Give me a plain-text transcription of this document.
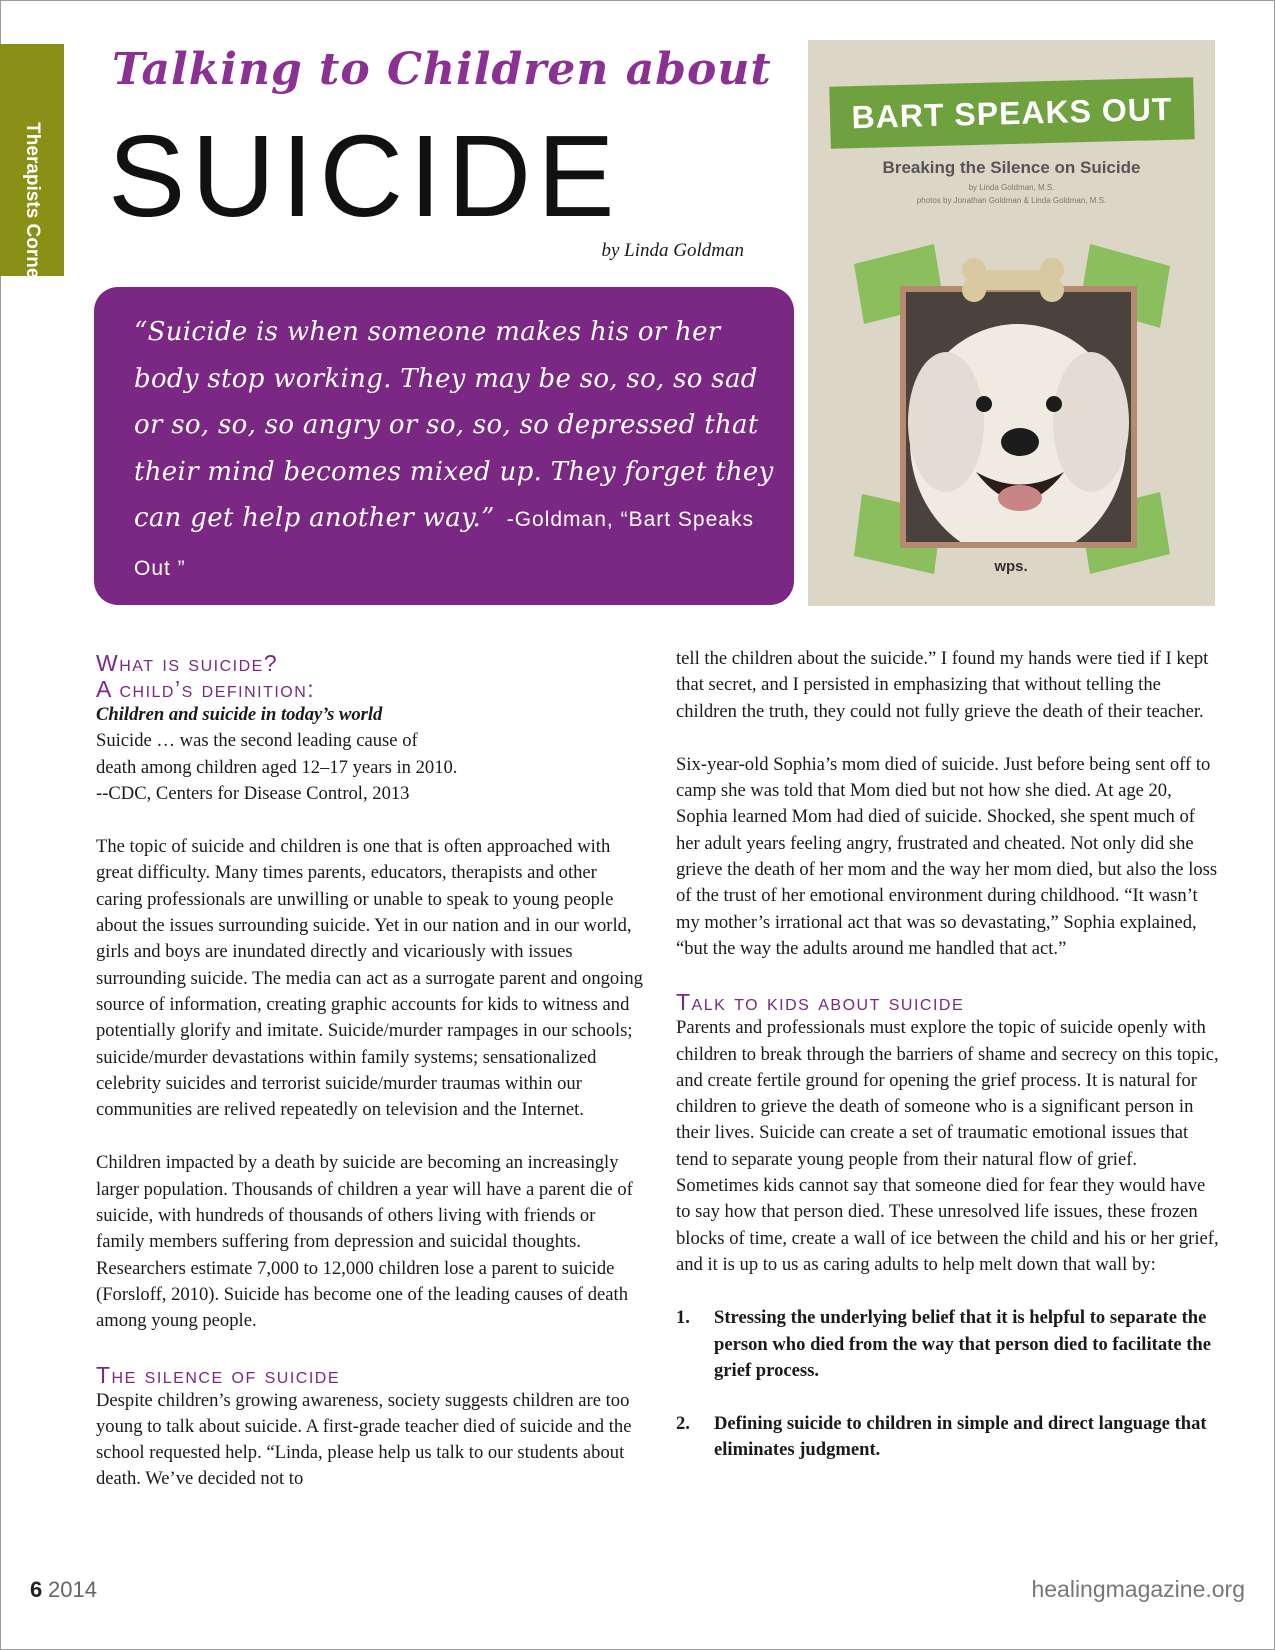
Therapists Corner
Talking to Children about
SUICIDE
by Linda Goldman
“Suicide is when someone makes his or her body stop working. They may be so, so, so sad or so, so, so angry or so, so, so depressed that their mind becomes mixed up. They forget they can get help another way.” -Goldman, “Bart Speaks Out ”
BART SPEAKS OUT
Breaking the Silence on Suicide
by Linda Goldman, M.S.
photos by Jonathan Goldman & Linda Goldman, M.S.
wps.
What is suicide?
A child’s definition:

Children and suicide in today’s world

Suicide … was the second leading cause of

death among children aged 12–17 years in 2010.

--CDC, Centers for Disease Control, 2013

The topic of suicide and children is one that is often approached with great difficulty. Many times parents, educators, therapists and other caring professionals are unwilling or unable to speak to young people about the issues surrounding suicide. Yet in our nation and in our world, girls and boys are inundated directly and vicariously with issues surrounding suicide. The media can act as a surrogate parent and ongoing source of information, creating graphic accounts for kids to witness and potentially glorify and imitate. Suicide/murder rampages in our schools; suicide/murder devastations within family systems; sensationalized celebrity suicides and terrorist suicide/murder traumas within our communities are relived repeatedly on television and the Internet.

Children impacted by a death by suicide are becoming an increasingly larger population. Thousands of children a year will have a parent die of suicide, with hundreds of thousands of others living with friends or family members suffering from depression and suicidal thoughts. Researchers estimate 7,000 to 12,000 children lose a parent to suicide (Forsloff, 2010). Suicide has become one of the leading causes of death among young people.

The silence of suicide

Despite children’s growing awareness, society suggests children are too young to talk about suicide. A first-grade teacher died of suicide and the school requested help. “Linda, please help us talk to our students about death. We’ve decided not to

tell the children about the suicide.” I found my hands were tied if I kept that secret, and I persisted in emphasizing that without telling the children the truth, they could not fully grieve the death of their teacher.

Six-year-old Sophia’s mom died of suicide. Just before being sent off to camp she was told that Mom died but not how she died. At age 20, Sophia learned Mom had died of suicide. Shocked, she spent much of her adult years feeling angry, frustrated and cheated. Not only did she grieve the death of her mom and the way her mom died, but also the loss of the trust of her emotional environment during childhood. “It wasn’t my mother’s irrational act that was so devastating,” Sophia explained, “but the way the adults around me handled that act.”

Talk to kids about suicide

Parents and professionals must explore the topic of suicide openly with children to break through the barriers of shame and secrecy on this topic, and create fertile ground for opening the grief process. It is natural for children to grieve the death of someone who is a significant person in their lives. Suicide can create a set of traumatic emotional issues that tend to separate young people from their natural flow of grief. Sometimes kids cannot say that someone died for fear they would have to say how that person died. These unresolved life issues, these frozen blocks of time, create a wall of ice between the child and his or her grief, and it is up to us as caring adults to help melt down that wall by:

1. Stressing the underlying belief that it is helpful to separate the person who died from the way that person died to facilitate the grief process.
2. Defining suicide to children in simple and direct language that eliminates judgment.
6 2014	healingmagazine.org
